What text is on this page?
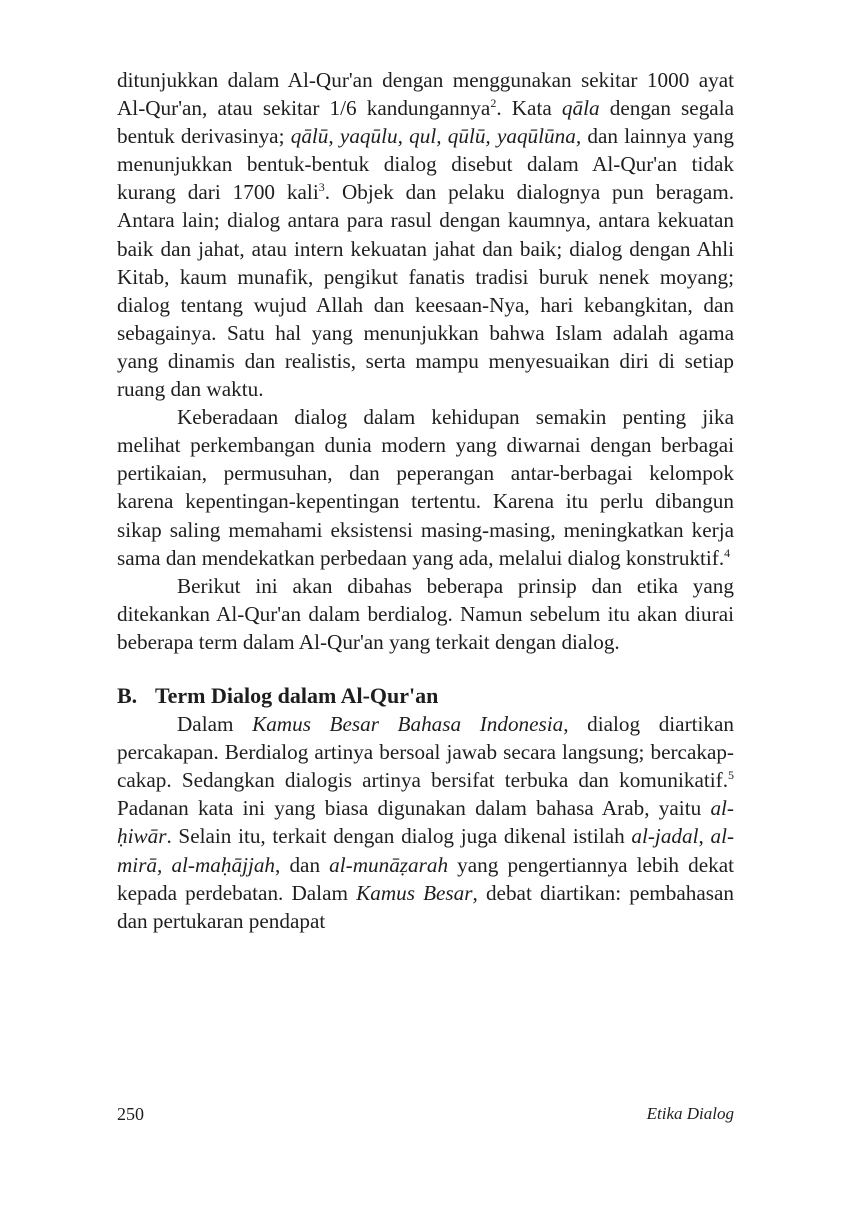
ditunjukkan dalam Al-Qur'an dengan menggunakan sekitar 1000 ayat Al-Qur'an, atau sekitar 1/6 kandungannya$^2$. Kata qāla dengan segala bentuk derivasinya; qālū, yaqūlu, qul, qūlū, yaqūlūna, dan lainnya yang menunjukkan bentuk-bentuk dialog disebut dalam Al-Qur'an tidak kurang dari 1700 kali$^3$. Objek dan pelaku dialognya pun beragam. Antara lain; dialog antara para rasul dengan kaumnya, antara kekuatan baik dan jahat, atau intern kekuatan jahat dan baik; dialog dengan Ahli Kitab, kaum munafik, pengikut fanatis tradisi buruk nenek moyang; dialog tentang wujud Allah dan keesaan-Nya, hari kebangkitan, dan sebagainya. Satu hal yang menunjukkan bahwa Islam adalah agama yang dinamis dan realistis, serta mampu menyesuaikan diri di setiap ruang dan waktu.

Keberadaan dialog dalam kehidupan semakin penting jika melihat perkembangan dunia modern yang diwarnai dengan berbagai pertikaian, permusuhan, dan peperangan antar-berbagai kelompok karena kepentingan-kepentingan tertentu. Karena itu perlu dibangun sikap saling memahami eksistensi masing-masing, meningkatkan kerja sama dan mendekatkan perbedaan yang ada, melalui dialog konstruktif.$^4$

Berikut ini akan dibahas beberapa prinsip dan etika yang ditekankan Al-Qur'an dalam berdialog. Namun sebelum itu akan diurai beberapa term dalam Al-Qur'an yang terkait dengan dialog.

B. Term Dialog dalam Al-Qur'an

Dalam Kamus Besar Bahasa Indonesia, dialog diartikan percakapan. Berdialog artinya bersoal jawab secara langsung; bercakap-cakap. Sedangkan dialogis artinya bersifat terbuka dan komunikatif.$^5$ Padanan kata ini yang biasa digunakan dalam bahasa Arab, yaitu al-ḥiwār. Selain itu, terkait dengan dialog juga dikenal istilah al-jadal, al-mirā, al-maḥājjah, dan al-munāẓarah yang pengertiannya lebih dekat kepada perdebatan. Dalam Kamus Besar, debat diartikan: pembahasan dan pertukaran pendapat

250	Etika Dialog
